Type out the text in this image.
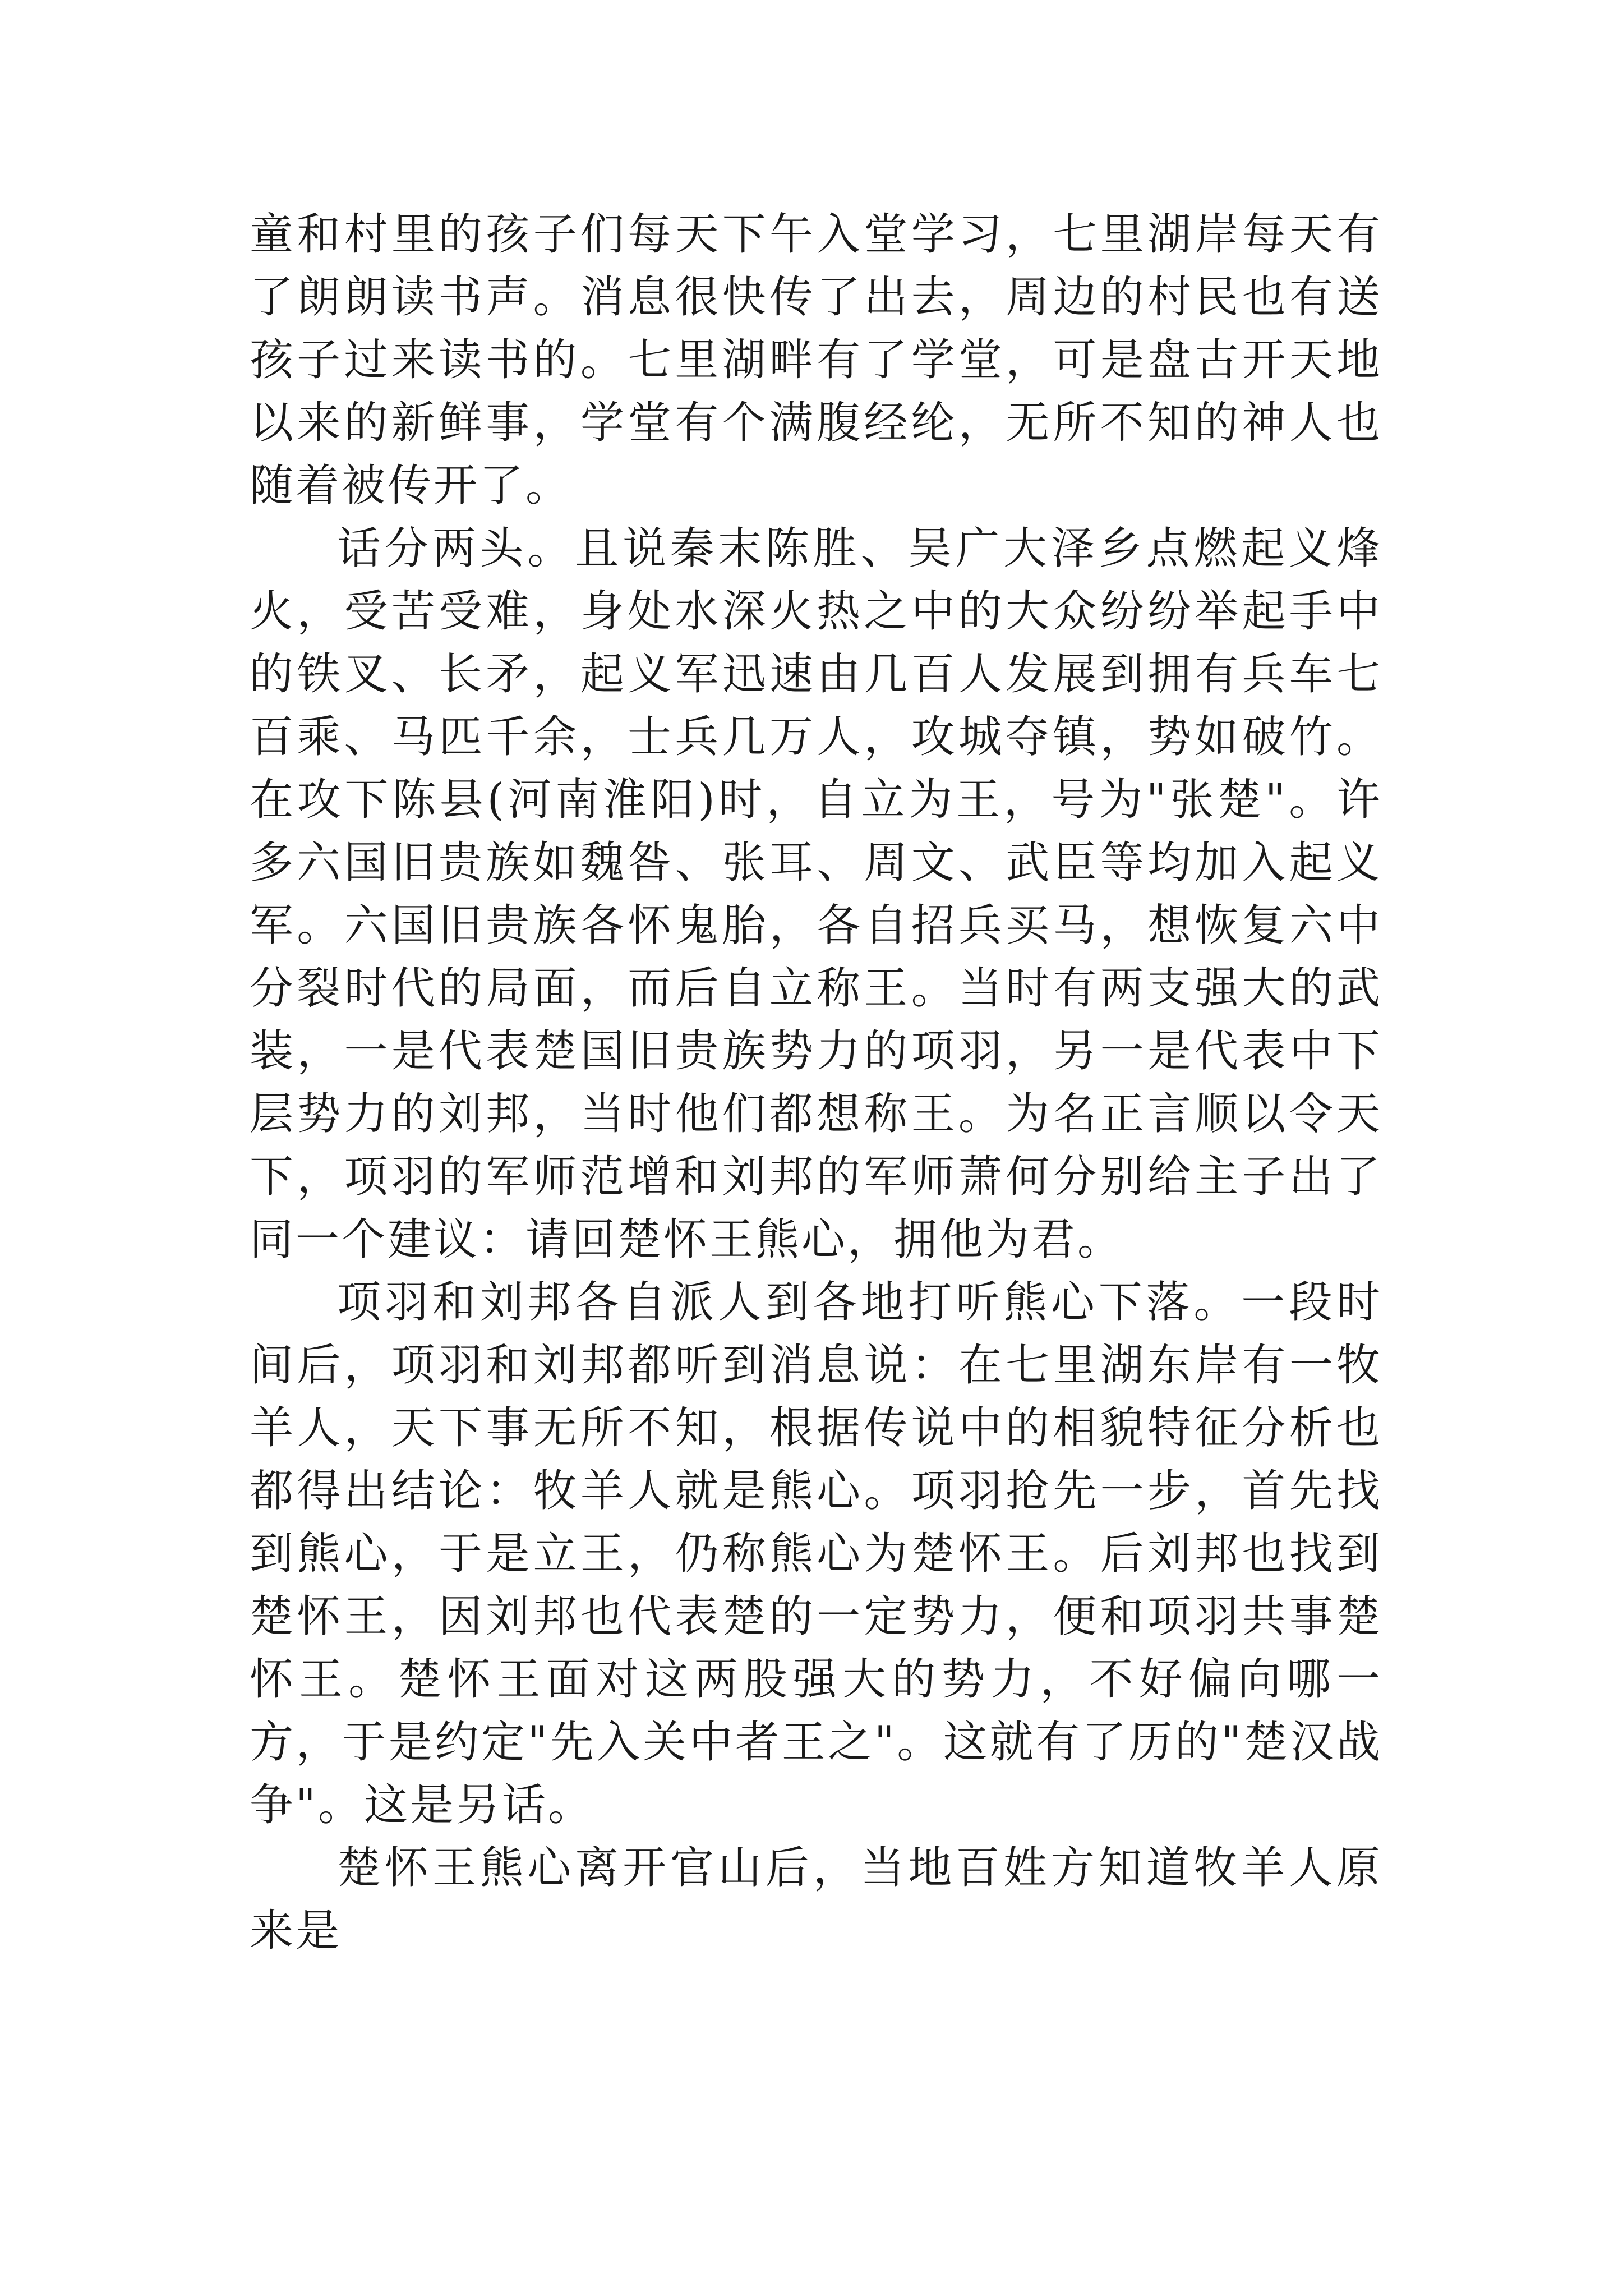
童和村里的孩子们每天下午入堂学习，七里湖岸每天有了朗朗读书声。消息很快传了出去，周边的村民也有送孩子过来读书的。七里湖畔有了学堂，可是盘古开天地以来的新鲜事，学堂有个满腹经纶，无所不知的神人也随着被传开了。

话分两头。且说秦末陈胜、吴广大泽乡点燃起义烽火，受苦受难，身处水深火热之中的大众纷纷举起手中的铁叉、长矛，起义军迅速由几百人发展到拥有兵车七百乘、马匹千余，士兵几万人，攻城夺镇，势如破竹。在攻下陈县(河南淮阳)时，自立为王，号为"张楚"。许多六国旧贵族如魏咎、张耳、周文、武臣等均加入起义军。六国旧贵族各怀鬼胎，各自招兵买马，想恢复六中分裂时代的局面，而后自立称王。当时有两支强大的武装，一是代表楚国旧贵族势力的项羽，另一是代表中下层势力的刘邦，当时他们都想称王。为名正言顺以令天下，项羽的军师范增和刘邦的军师萧何分别给主子出了同一个建议：请回楚怀王熊心，拥他为君。

项羽和刘邦各自派人到各地打听熊心下落。一段时间后，项羽和刘邦都听到消息说：在七里湖东岸有一牧羊人，天下事无所不知，根据传说中的相貌特征分析也都得出结论：牧羊人就是熊心。项羽抢先一步，首先找到熊心，于是立王，仍称熊心为楚怀王。后刘邦也找到楚怀王，因刘邦也代表楚的一定势力，便和项羽共事楚怀王。楚怀王面对这两股强大的势力，不好偏向哪一方，于是约定"先入关中者王之"。这就有了历的"楚汉战争"。这是另话。

楚怀王熊心离开官山后，当地百姓方知道牧羊人原来是
